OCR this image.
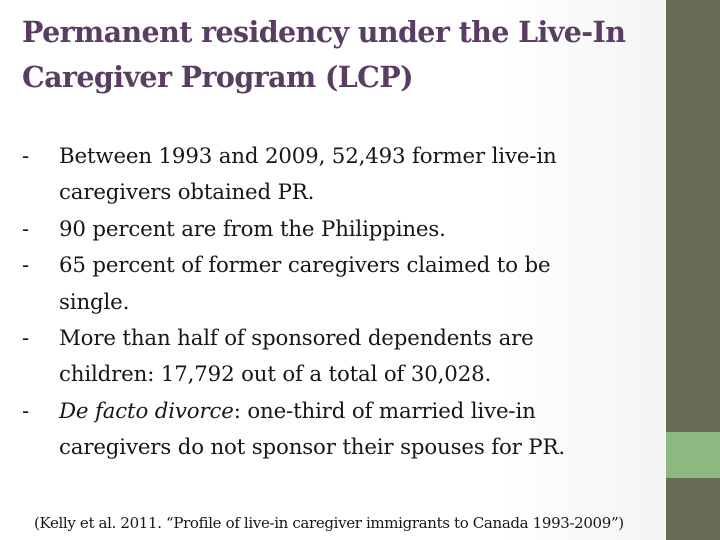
Permanent residency under the Live-In
Caregiver Program (LCP)
-	Between 1993 and 2009, 52,493 former live-in
caregivers obtained PR.
-	90 percent are from the Philippines.
-	65 percent of former caregivers claimed to be
single.
-	More than half of sponsored dependents are
children: 17,792 out of a total of 30,028.
-	De facto divorce: one-third of married live-in
caregivers do not sponsor their spouses for PR.

(Kelly et al. 2011. “Profile of live-in caregiver immigrants to Canada 1993-2009”)
